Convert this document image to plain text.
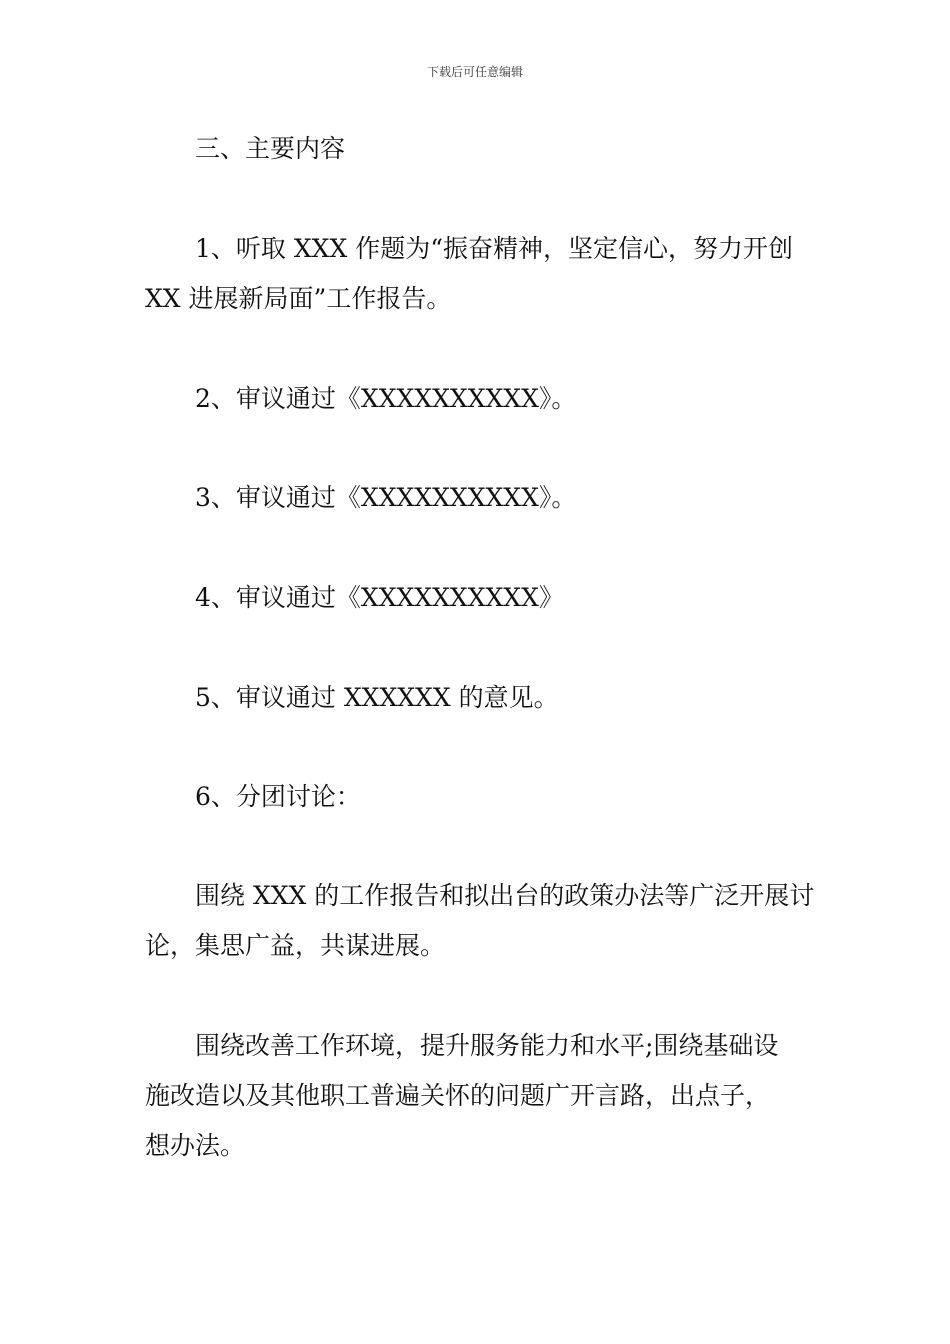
下载后可任意编辑

三、主要内容

1、听取 XXX 作题为“振奋精神，坚定信心，努力开创
XX 进展新局面”工作报告。

2、审议通过《XXXXXXXXXX》。

3、审议通过《XXXXXXXXXX》。

4、审议通过《XXXXXXXXXX》

5、审议通过 XXXXXX 的意见。

6、分团讨论：

围绕 XXX 的工作报告和拟出台的政策办法等广泛开展讨
论，集思广益，共谋进展。

围绕改善工作环境，提升服务能力和水平;围绕基础设
施改造以及其他职工普遍关怀的问题广开言路，出点子，
想办法。
